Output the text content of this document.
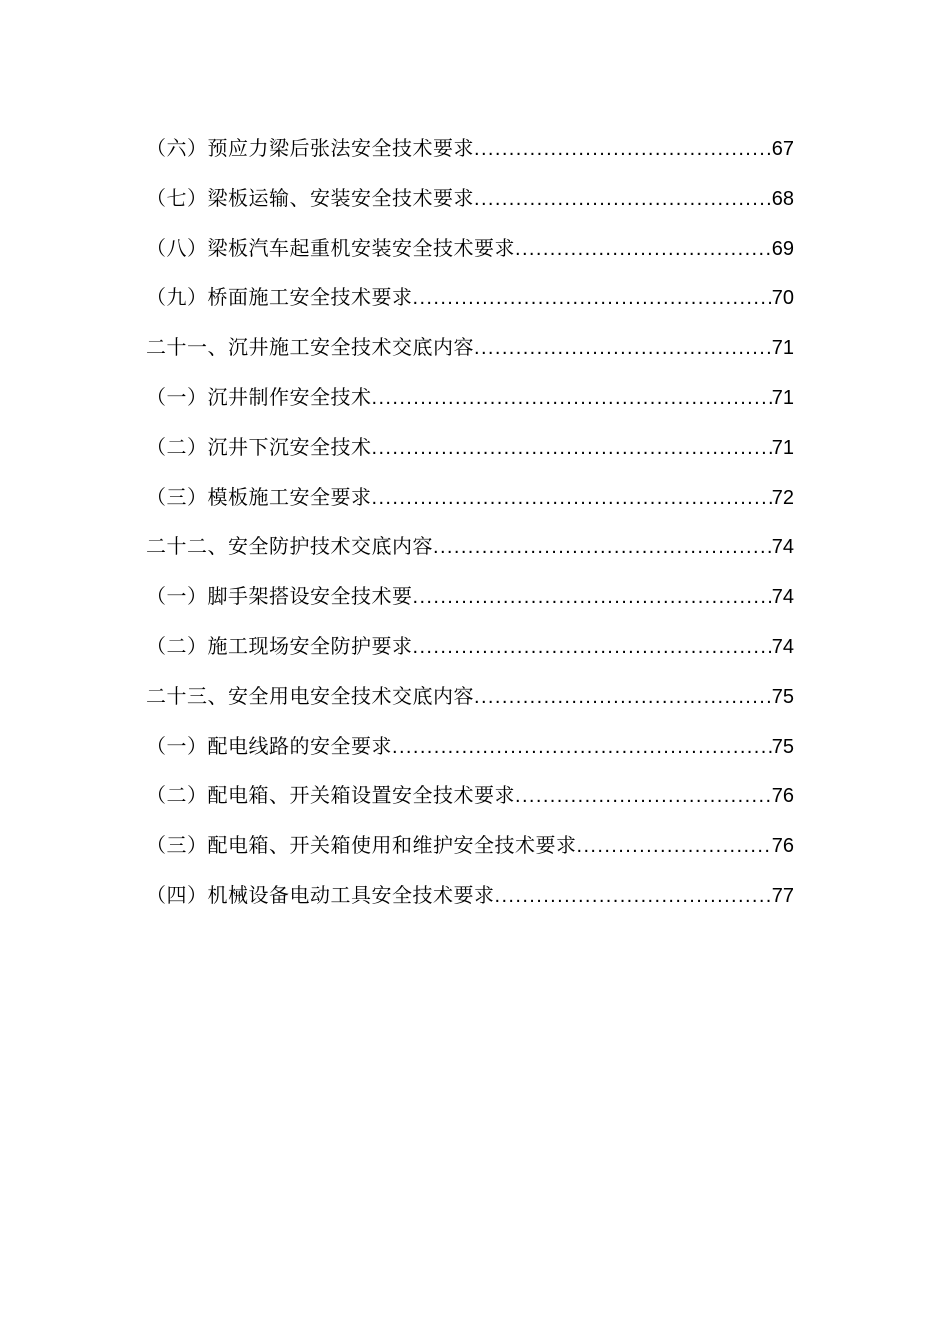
（六）预应力梁后张法安全技术要求 .....	67
（七）梁板运输、安装安全技术要求 .....	68
（八）梁板汽车起重机安装安全技术要求 .....	69
（九）桥面施工安全技术要求 .....	70
二十一、沉井施工安全技术交底内容 .....	71
（一）沉井制作安全技术 .....	71
（二）沉井下沉安全技术 .....	71
（三）模板施工安全要求 .....	72
二十二、安全防护技术交底内容 .....	74
（一）脚手架搭设安全技术要 .....	74
（二）施工现场安全防护要求 .....	74
二十三、安全用电安全技术交底内容 .....	75
（一）配电线路的安全要求 .....	75
（二）配电箱、开关箱设置安全技术要求 .....	76
（三）配电箱、开关箱使用和维护安全技术要求 .....	76
（四）机械设备电动工具安全技术要求 .....	77
